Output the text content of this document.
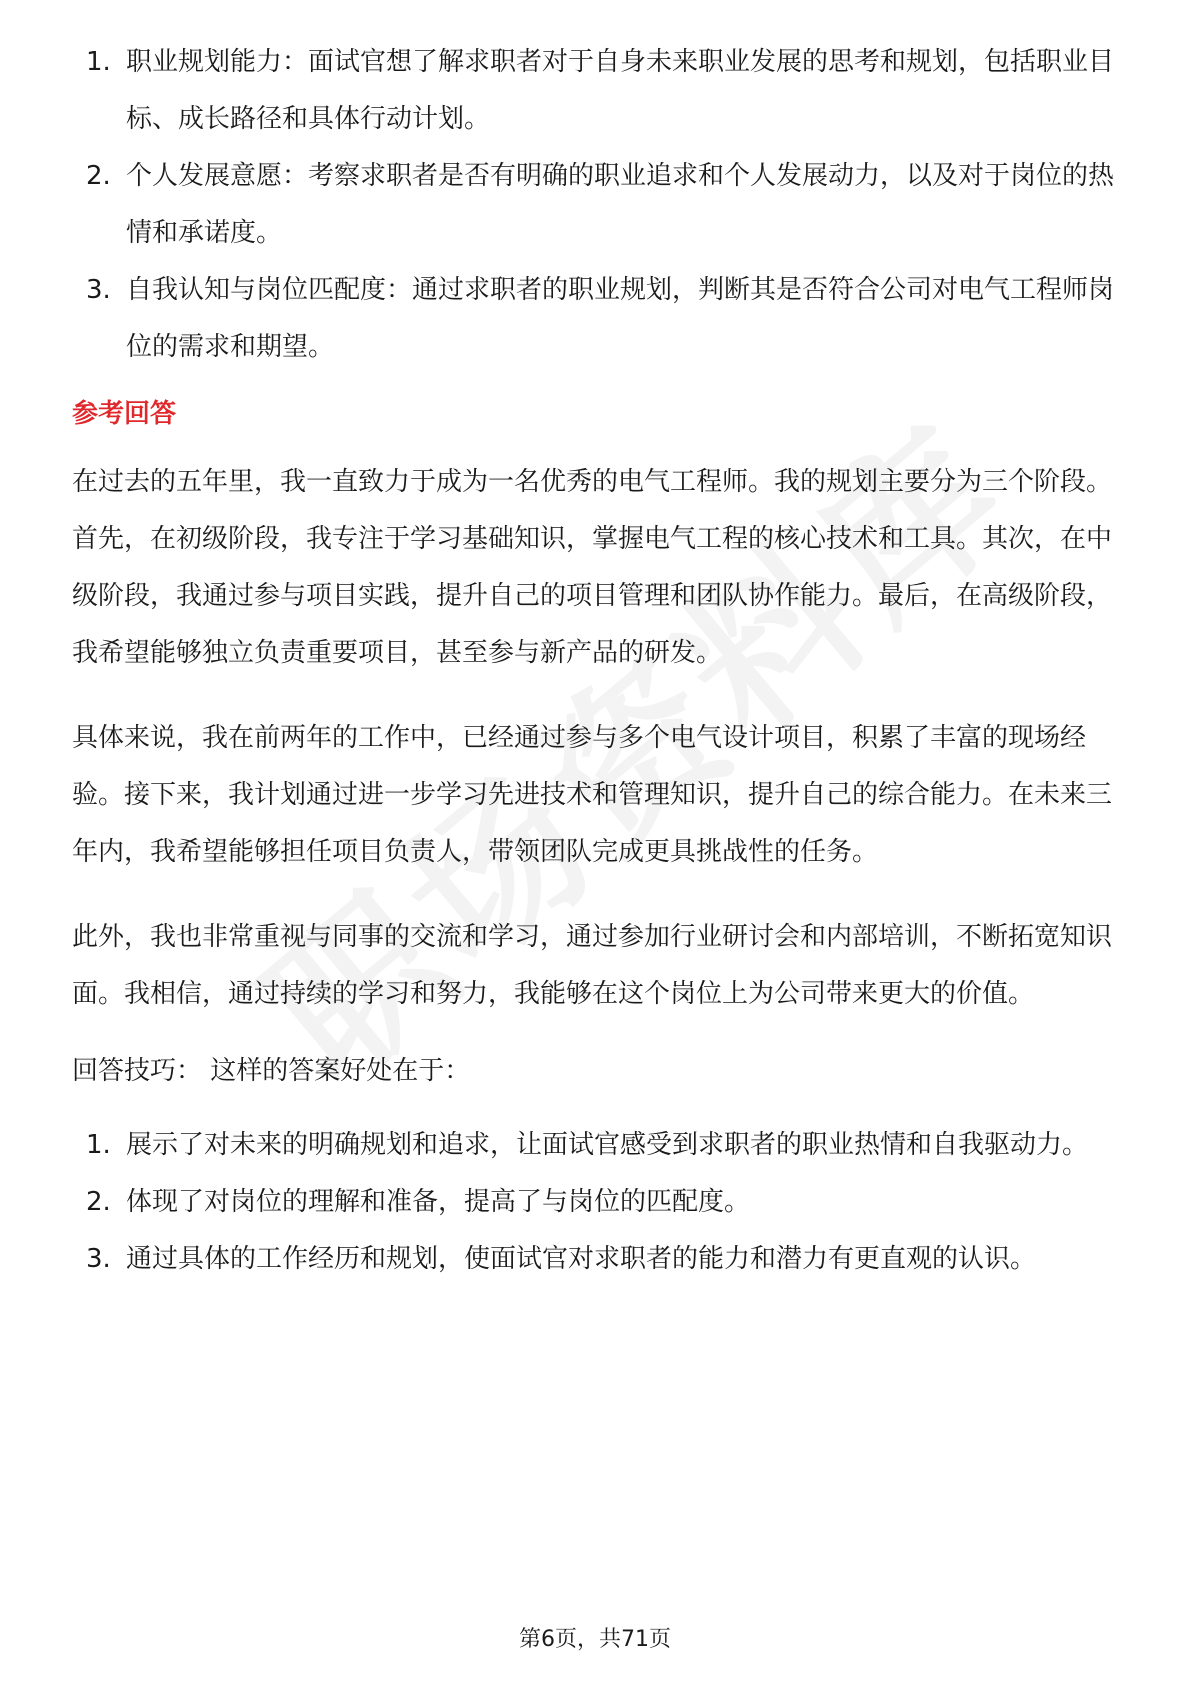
1. 职业规划能力：面试官想了解求职者对于自身未来职业发展的思考和规划，包括职业目标、成长路径和具体行动计划。
2. 个人发展意愿：考察求职者是否有明确的职业追求和个人发展动力，以及对于岗位的热情和承诺度。
3. 自我认知与岗位匹配度：通过求职者的职业规划，判断其是否符合公司对电气工程师岗位的需求和期望。
参考回答

在过去的五年里，我一直致力于成为一名优秀的电气工程师。我的规划主要分为三个阶段。首先，在初级阶段，我专注于学习基础知识，掌握电气工程的核心技术和工具。其次，在中级阶段，我通过参与项目实践，提升自己的项目管理和团队协作能力。最后，在高级阶段，我希望能够独立负责重要项目，甚至参与新产品的研发。

具体来说，我在前两年的工作中，已经通过参与多个电气设计项目，积累了丰富的现场经验。接下来，我计划通过进一步学习先进技术和管理知识，提升自己的综合能力。在未来三年内，我希望能够担任项目负责人，带领团队完成更具挑战性的任务。

此外，我也非常重视与同事的交流和学习，通过参加行业研讨会和内部培训，不断拓宽知识面。我相信，通过持续的学习和努力，我能够在这个岗位上为公司带来更大的价值。

回答技巧： 这样的答案好处在于：

1. 展示了对未来的明确规划和追求，让面试官感受到求职者的职业热情和自我驱动力。
2. 体现了对岗位的理解和准备，提高了与岗位的匹配度。
3. 通过具体的工作经历和规划，使面试官对求职者的能力和潜力有更直观的认识。
第6页，共71页
